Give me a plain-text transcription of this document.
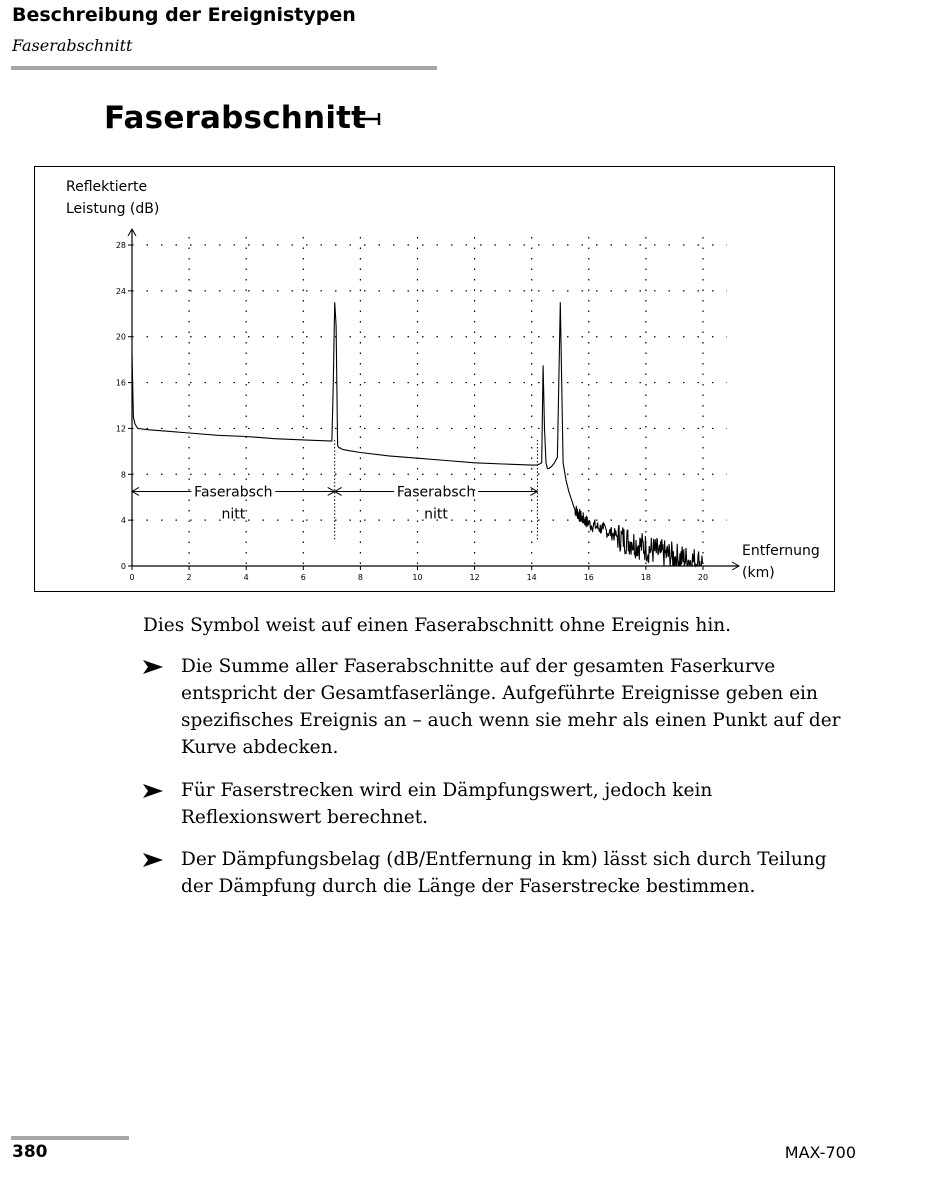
Beschreibung der Ereignistypen
Faserabschnitt
Faserabschnitt
0	2	4	6	8	10	12	14	16	18	20
0
4
8
12
16
20
24
28
Faserabsch
nitt
Faserabsch
nitt
Reflektierte
Leistung (dB)
Entfernung
(km)
Dies Symbol weist auf einen Faserabschnitt ohne Ereignis hin.
Die Summe aller Faserabschnitte auf der gesamten Faserkurve
entspricht der Gesamtfaserlänge. Aufgeführte Ereignisse geben ein
spezifisches Ereignis an – auch wenn sie mehr als einen Punkt auf der
Kurve abdecken.
Für Faserstrecken wird ein Dämpfungswert, jedoch kein
Reflexionswert berechnet.
Der Dämpfungsbelag (dB/Entfernung in km) lässt sich durch Teilung
der Dämpfung durch die Länge der Faserstrecke bestimmen.
380	MAX-700
